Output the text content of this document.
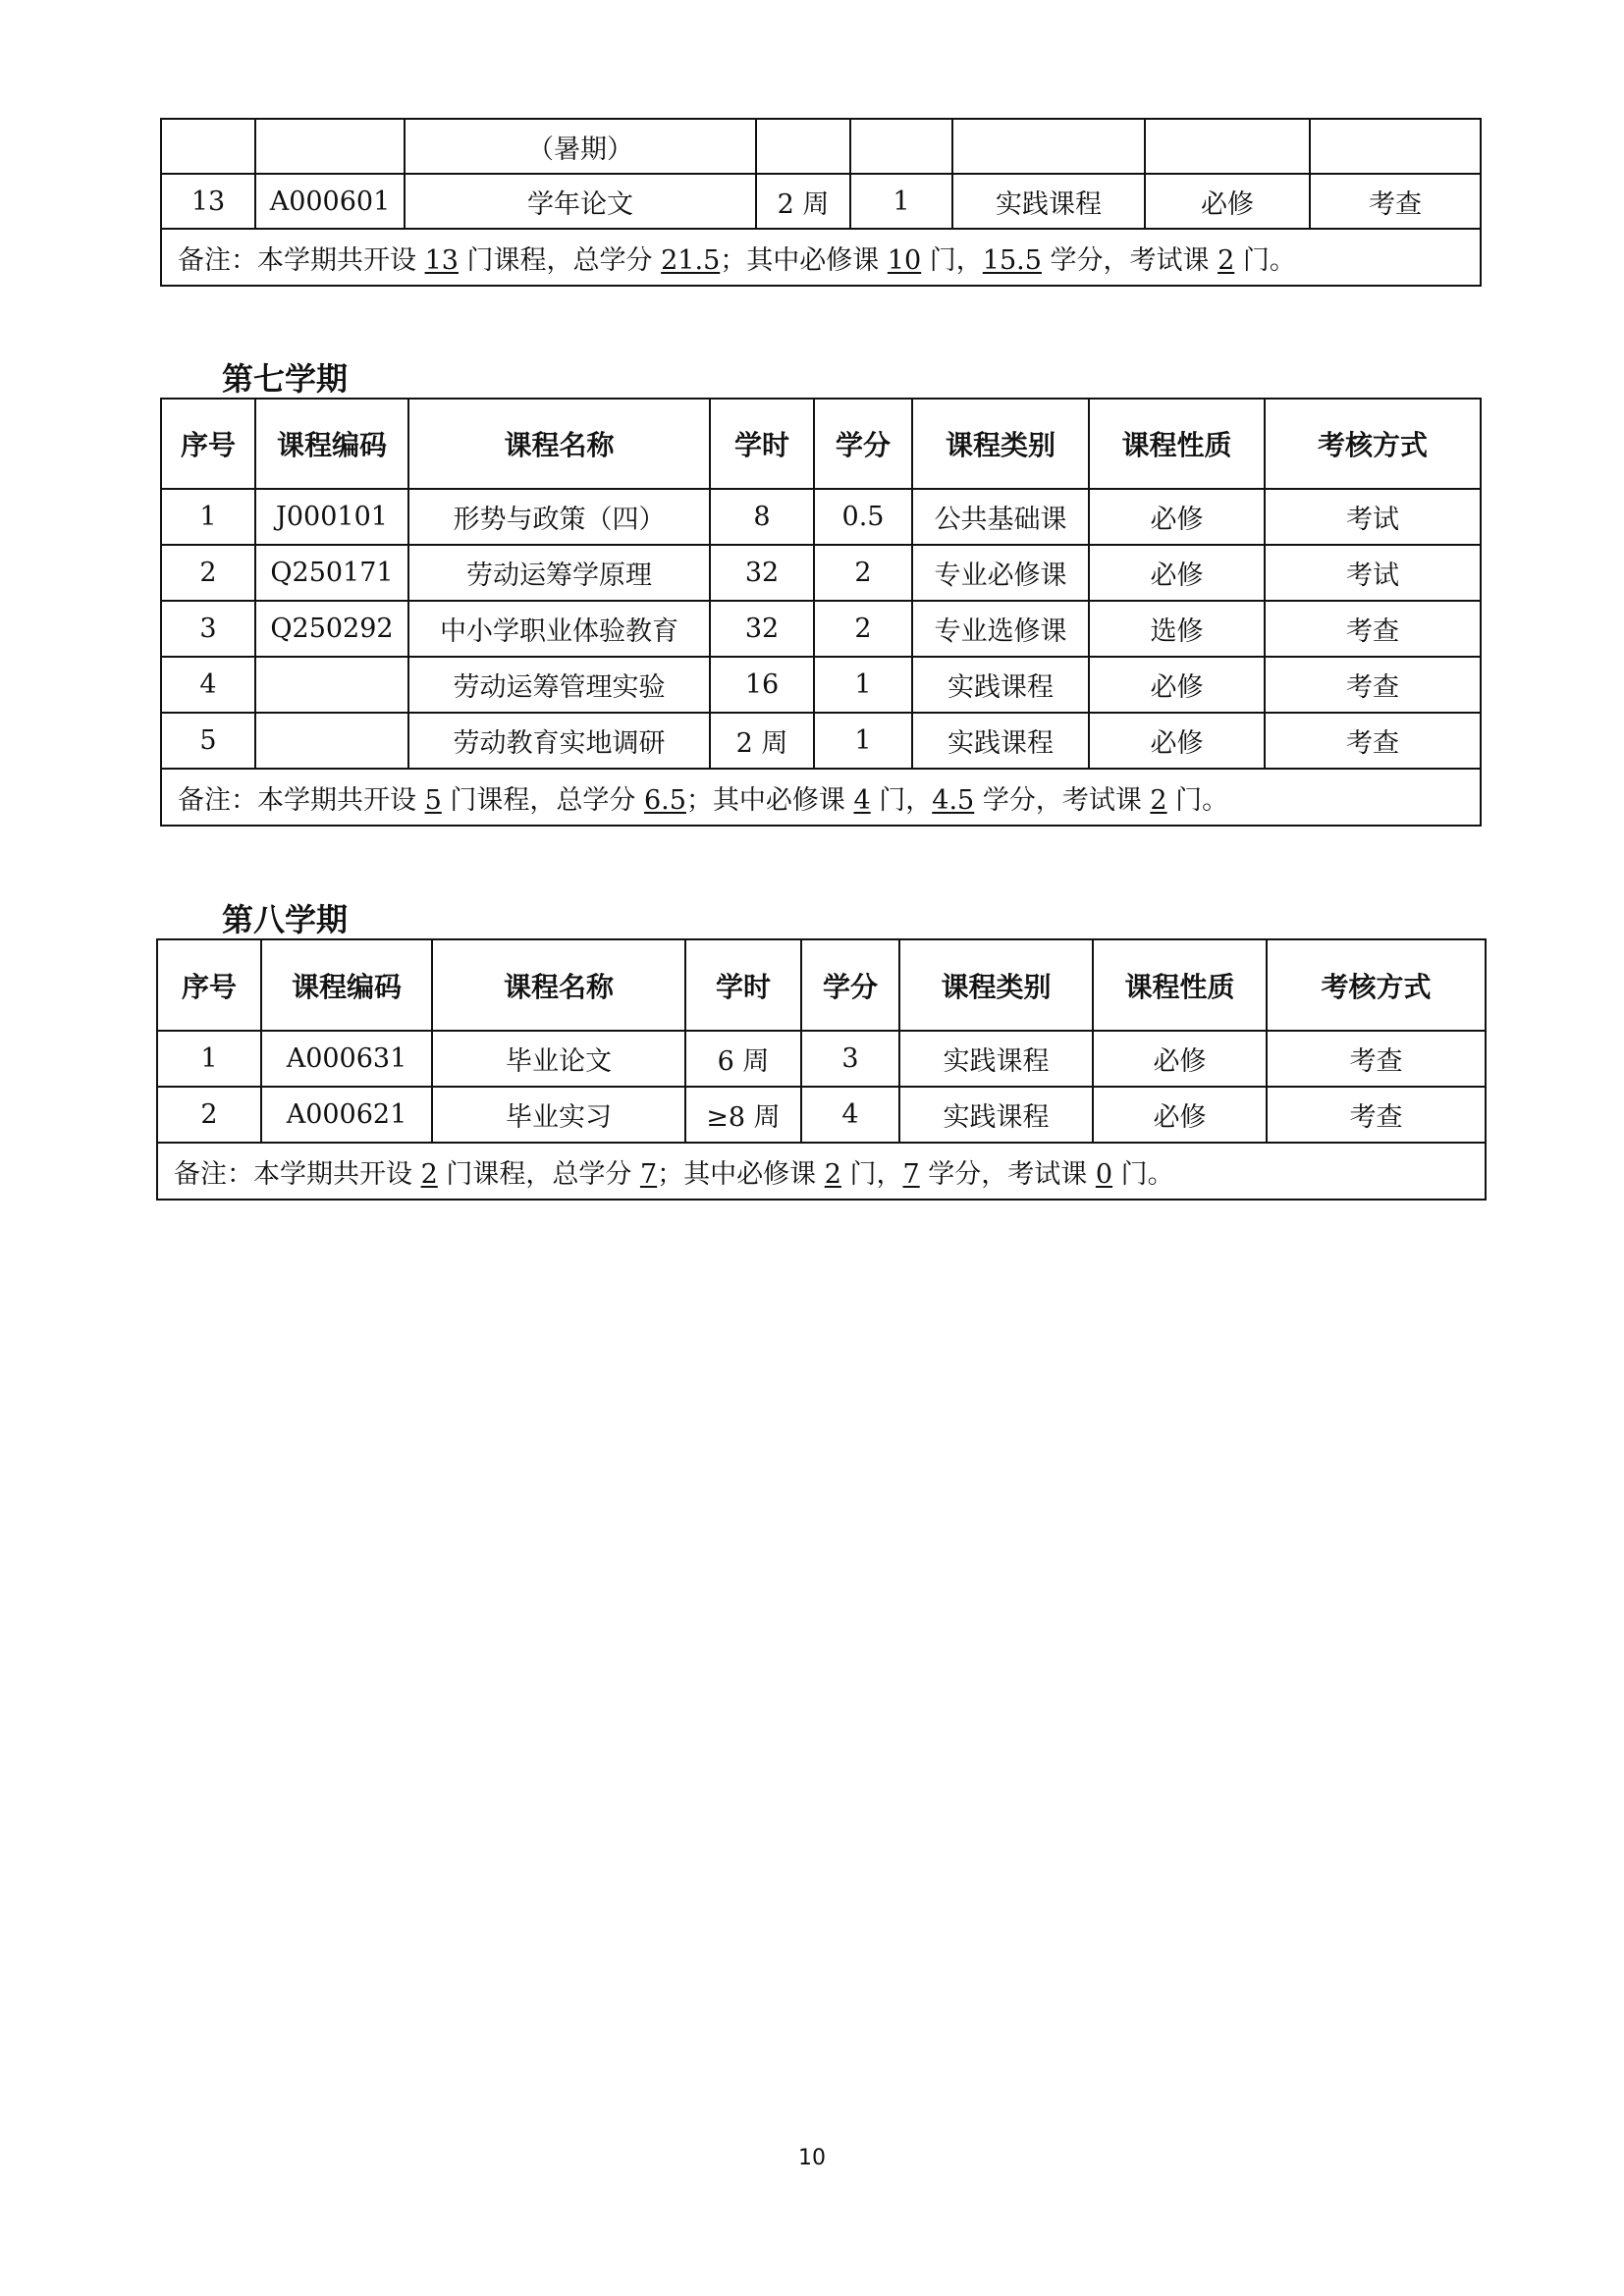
		（暑期）					
13	A000601	学年论文	2 周	1	实践课程	必修	考查
备注：本学期共开设 13 门课程，总学分 21.5；其中必修课 10 门，15.5 学分，考试课 2 门。							
第七学期
序号	课程编码	课程名称	学时	学分	课程类别	课程性质	考核方式
1	J000101	形势与政策（四）	8	0.5	公共基础课	必修	考试
2	Q250171	劳动运筹学原理	32	2	专业必修课	必修	考试
3	Q250292	中小学职业体验教育	32	2	专业选修课	选修	考查
4		劳动运筹管理实验	16	1	实践课程	必修	考查
5		劳动教育实地调研	2 周	1	实践课程	必修	考查
备注：本学期共开设 5 门课程，总学分 6.5；其中必修课 4 门，4.5 学分，考试课 2 门。							
第八学期
序号	课程编码	课程名称	学时	学分	课程类别	课程性质	考核方式
1	A000631	毕业论文	6 周	3	实践课程	必修	考查
2	A000621	毕业实习	≥8 周	4	实践课程	必修	考查
备注：本学期共开设 2 门课程，总学分 7；其中必修课 2 门，7 学分，考试课 0 门。							
10
